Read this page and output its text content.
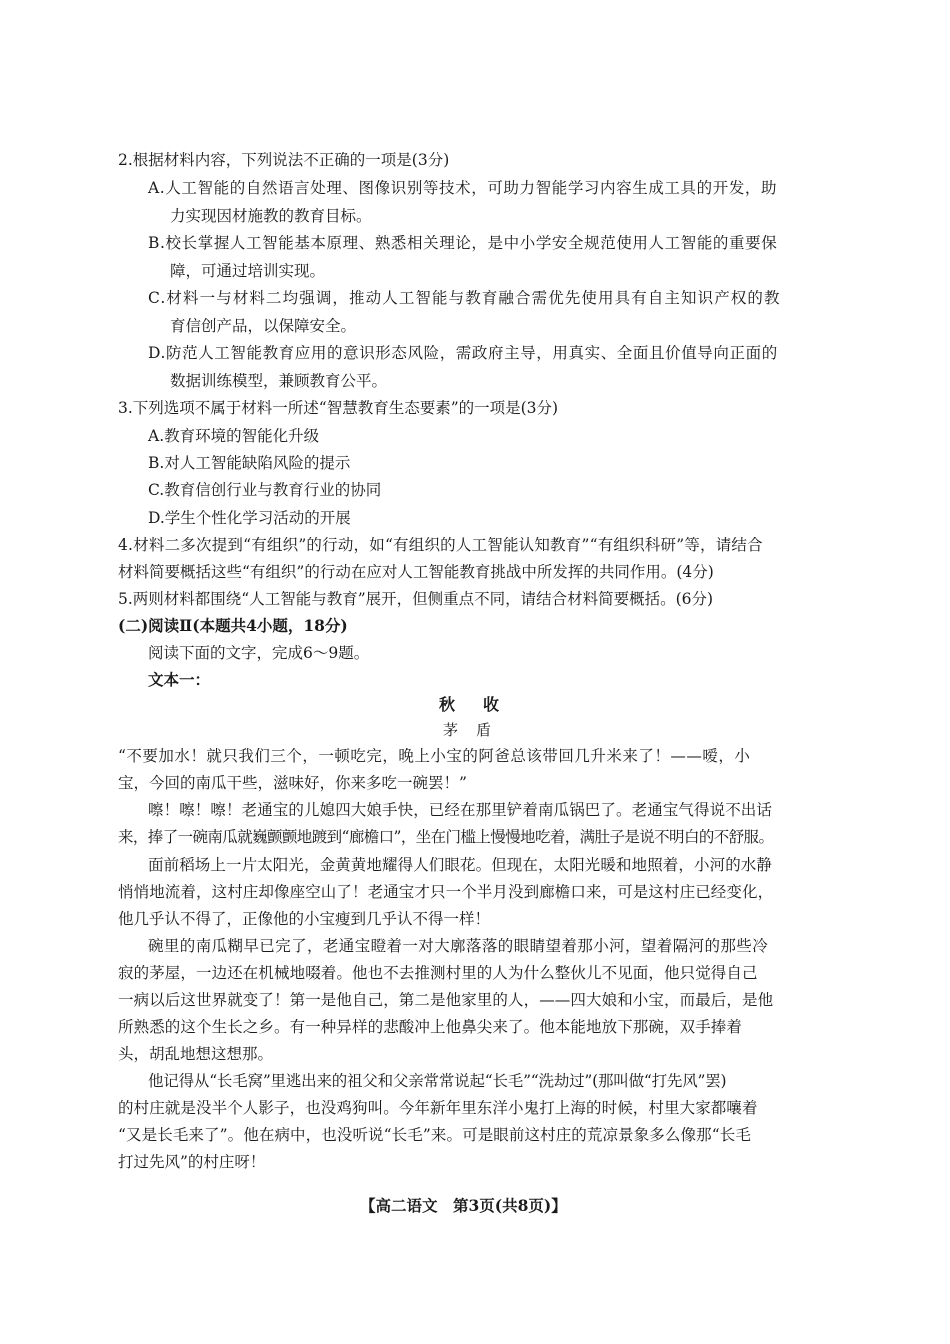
2.根据材料内容，下列说法不正确的一项是(3分)
A.人工智能的自然语言处理、图像识别等技术，可助力智能学习内容生成工具的开发，助
力实现因材施教的教育目标。
B.校长掌握人工智能基本原理、熟悉相关理论，是中小学安全规范使用人工智能的重要保
障，可通过培训实现。
C.材料一与材料二均强调，推动人工智能与教育融合需优先使用具有自主知识产权的教
育信创产品，以保障安全。
D.防范人工智能教育应用的意识形态风险，需政府主导，用真实、全面且价值导向正面的
数据训练模型，兼顾教育公平。
3.下列选项不属于材料一所述“智慧教育生态要素”的一项是(3分)
A.教育环境的智能化升级
B.对人工智能缺陷风险的提示
C.教育信创行业与教育行业的协同
D.学生个性化学习活动的开展
4.材料二多次提到“有组织”的行动，如“有组织的人工智能认知教育”“有组织科研”等，请结合
材料简要概括这些“有组织”的行动在应对人工智能教育挑战中所发挥的共同作用。(4分)
5.两则材料都围绕“人工智能与教育”展开，但侧重点不同，请结合材料简要概括。(6分)
(二)阅读Ⅱ(本题共4小题，18分)
阅读下面的文字，完成6～9题。
文本一：
秋收
茅盾
“不要加水！就只我们三个，一顿吃完，晚上小宝的阿爸总该带回几升米来了！——嗳，小
宝，今回的南瓜干些，滋味好，你来多吃一碗罢！”
嚓！嚓！嚓！老通宝的儿媳四大娘手快，已经在那里铲着南瓜锅巴了。老通宝气得说不出话
来，捧了一碗南瓜就巍颤颤地踱到“廊檐口”，坐在门槛上慢慢地吃着，满肚子是说不明白的不舒服。
面前稻场上一片太阳光，金黄黄地耀得人们眼花。但现在，太阳光暖和地照着，小河的水静
悄悄地流着，这村庄却像座空山了！老通宝才只一个半月没到廊檐口来，可是这村庄已经变化，
他几乎认不得了，正像他的小宝瘦到几乎认不得一样！
碗里的南瓜糊早已完了，老通宝瞪着一对大廓落落的眼睛望着那小河，望着隔河的那些冷
寂的茅屋，一边还在机械地啜着。他也不去推测村里的人为什么整伙儿不见面，他只觉得自己
一病以后这世界就变了！第一是他自己，第二是他家里的人，——四大娘和小宝，而最后，是他
所熟悉的这个生长之乡。有一种异样的悲酸冲上他鼻尖来了。他本能地放下那碗，双手捧着
头，胡乱地想这想那。
他记得从“长毛窝”里逃出来的祖父和父亲常常说起“长毛”“洗劫过”(那叫做“打先风”罢)
的村庄就是没半个人影子，也没鸡狗叫。今年新年里东洋小鬼打上海的时候，村里大家都嚷着
“又是长毛来了”。他在病中，也没听说“长毛”来。可是眼前这村庄的荒凉景象多么像那“长毛
打过先风”的村庄呀！
【高二语文　第3页(共8页)】
